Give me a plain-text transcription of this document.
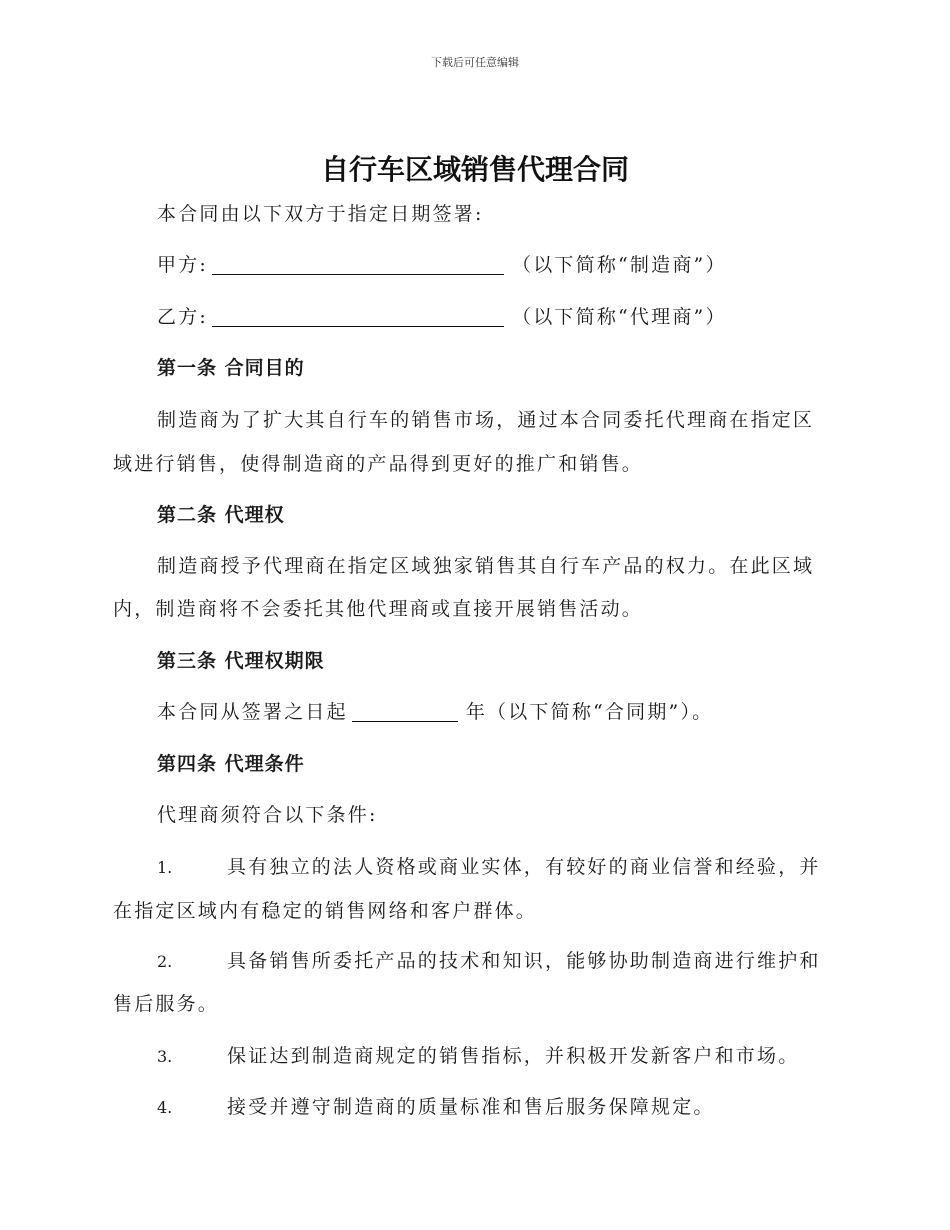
下载后可任意编辑
自行车区域销售代理合同
本合同由以下双方于指定日期签署:
甲方:	（以下简称“制造商”）
乙方:	（以下简称“代理商”）
第一条 合同目的
制造商为了扩大其自行车的销售市场，通过本合同委托代理商在指定区
域进行销售，使得制造商的产品得到更好的推广和销售。
第二条 代理权
制造商授予代理商在指定区域独家销售其自行车产品的权力。在此区域
内，制造商将不会委托其他代理商或直接开展销售活动。
第三条 代理权期限
本合同从签署之日起	年（以下简称“合同期”）。
第四条 代理条件
代理商须符合以下条件:
1.	具有独立的法人资格或商业实体，有较好的商业信誉和经验，并
在指定区域内有稳定的销售网络和客户群体。
2.	具备销售所委托产品的技术和知识，能够协助制造商进行维护和
售后服务。
3.	保证达到制造商规定的销售指标，并积极开发新客户和市场。
4.	接受并遵守制造商的质量标准和售后服务保障规定。
